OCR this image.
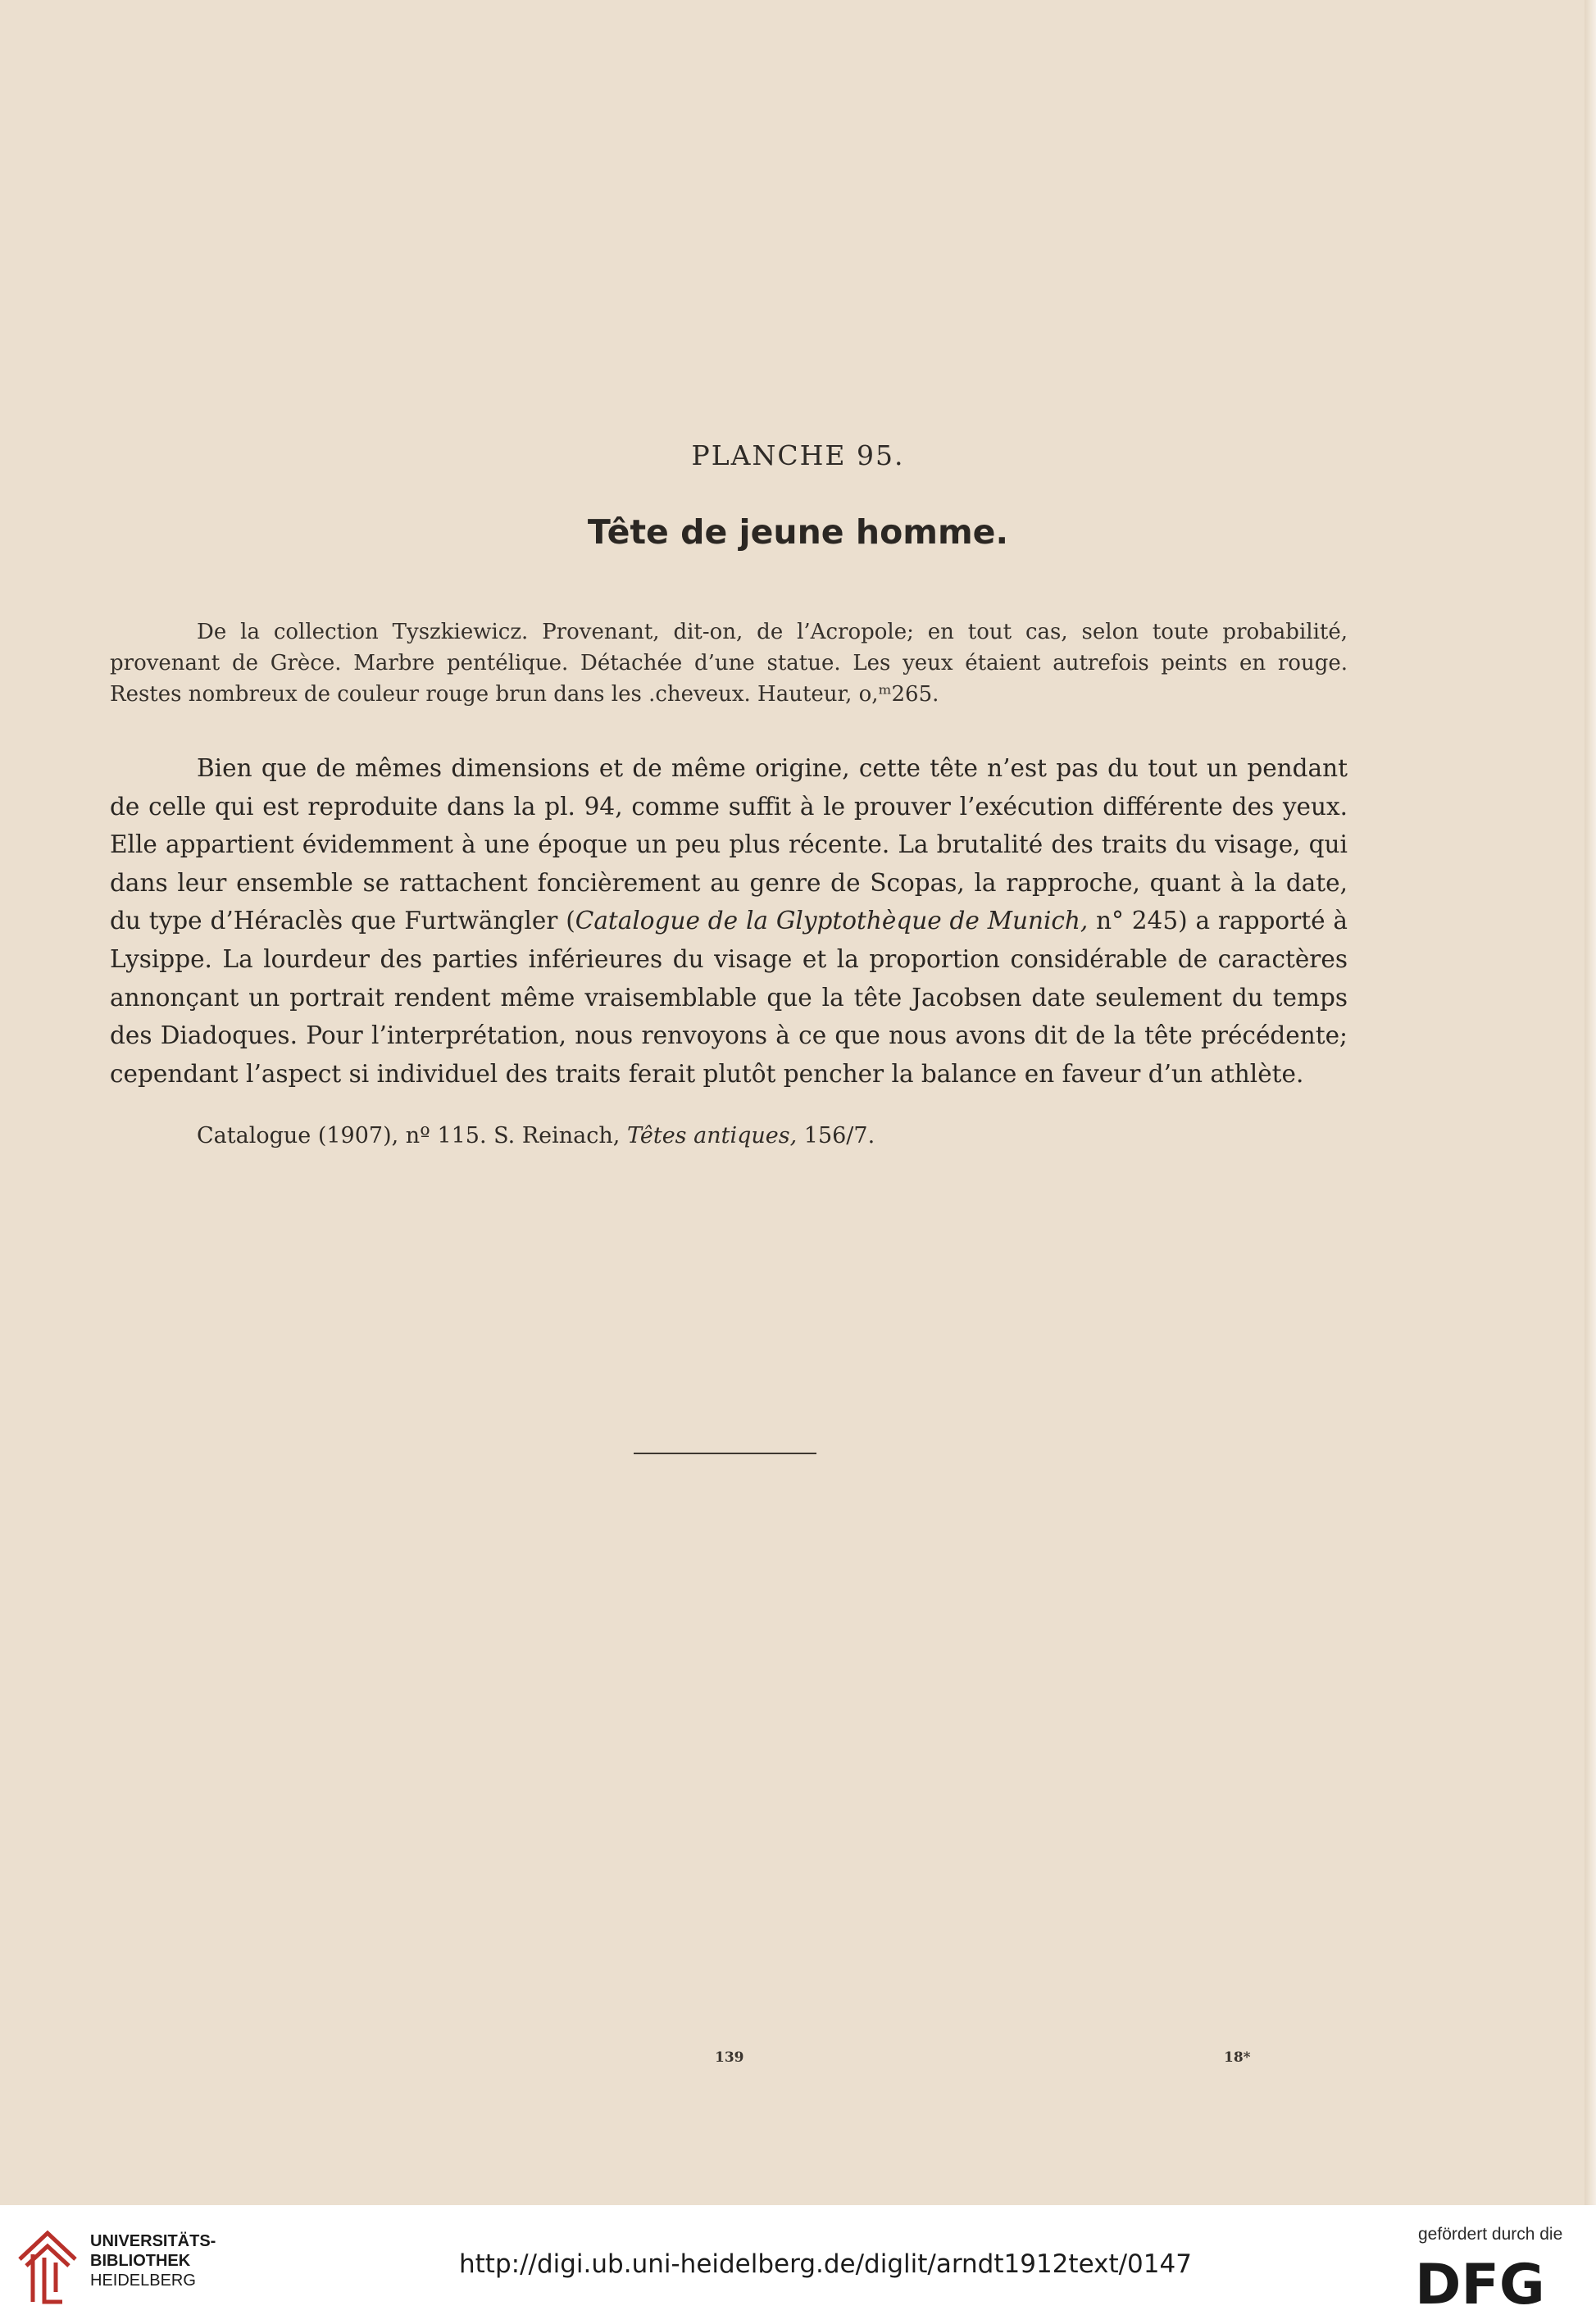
PLANCHE 95.
Tête de jeune homme.
De la collection Tyszkiewicz. Provenant, dit-on, de l’Acropole; en tout cas, selon toute probabilité, provenant de Grèce. Marbre pentélique. Détachée d’une statue. Les yeux étaient autrefois peints en rouge. Restes nombreux de couleur rouge brun dans les .cheveux. Hauteur, o,ᵐ265.
Bien que de mêmes dimensions et de même origine, cette tête n’est pas du tout un pendant de celle qui est reproduite dans la pl. 94, comme suffit à le prouver l’exécution différente des yeux. Elle appartient évidemment à une époque un peu plus récente. La brutalité des traits du visage, qui dans leur ensemble se rattachent foncièrement au genre de Scopas, la rapproche, quant à la date, du type d’Héraclès que Furtwängler (Catalogue de la Glyptothèque de Munich, n° 245) a rapporté à Lysippe. La lourdeur des parties inférieures du visage et la proportion considérable de caractères annonçant un portrait rendent même vraisemblable que la tête Jacobsen date seulement du temps des Diadoques. Pour l’interprétation, nous renvoyons à ce que nous avons dit de la tête précédente; cependant l’aspect si individuel des traits ferait plutôt pencher la balance en faveur d’un athlète.
Catalogue (1907), nº 115. S. Reinach, Têtes antiques, 156/7.
139	18*
UNIVERSITÄTS-
BIBLIOTHEK
HEIDELBERG
http://digi.ub.uni-heidelberg.de/diglit/arndt1912text/0147
gefördert durch die
DFG
